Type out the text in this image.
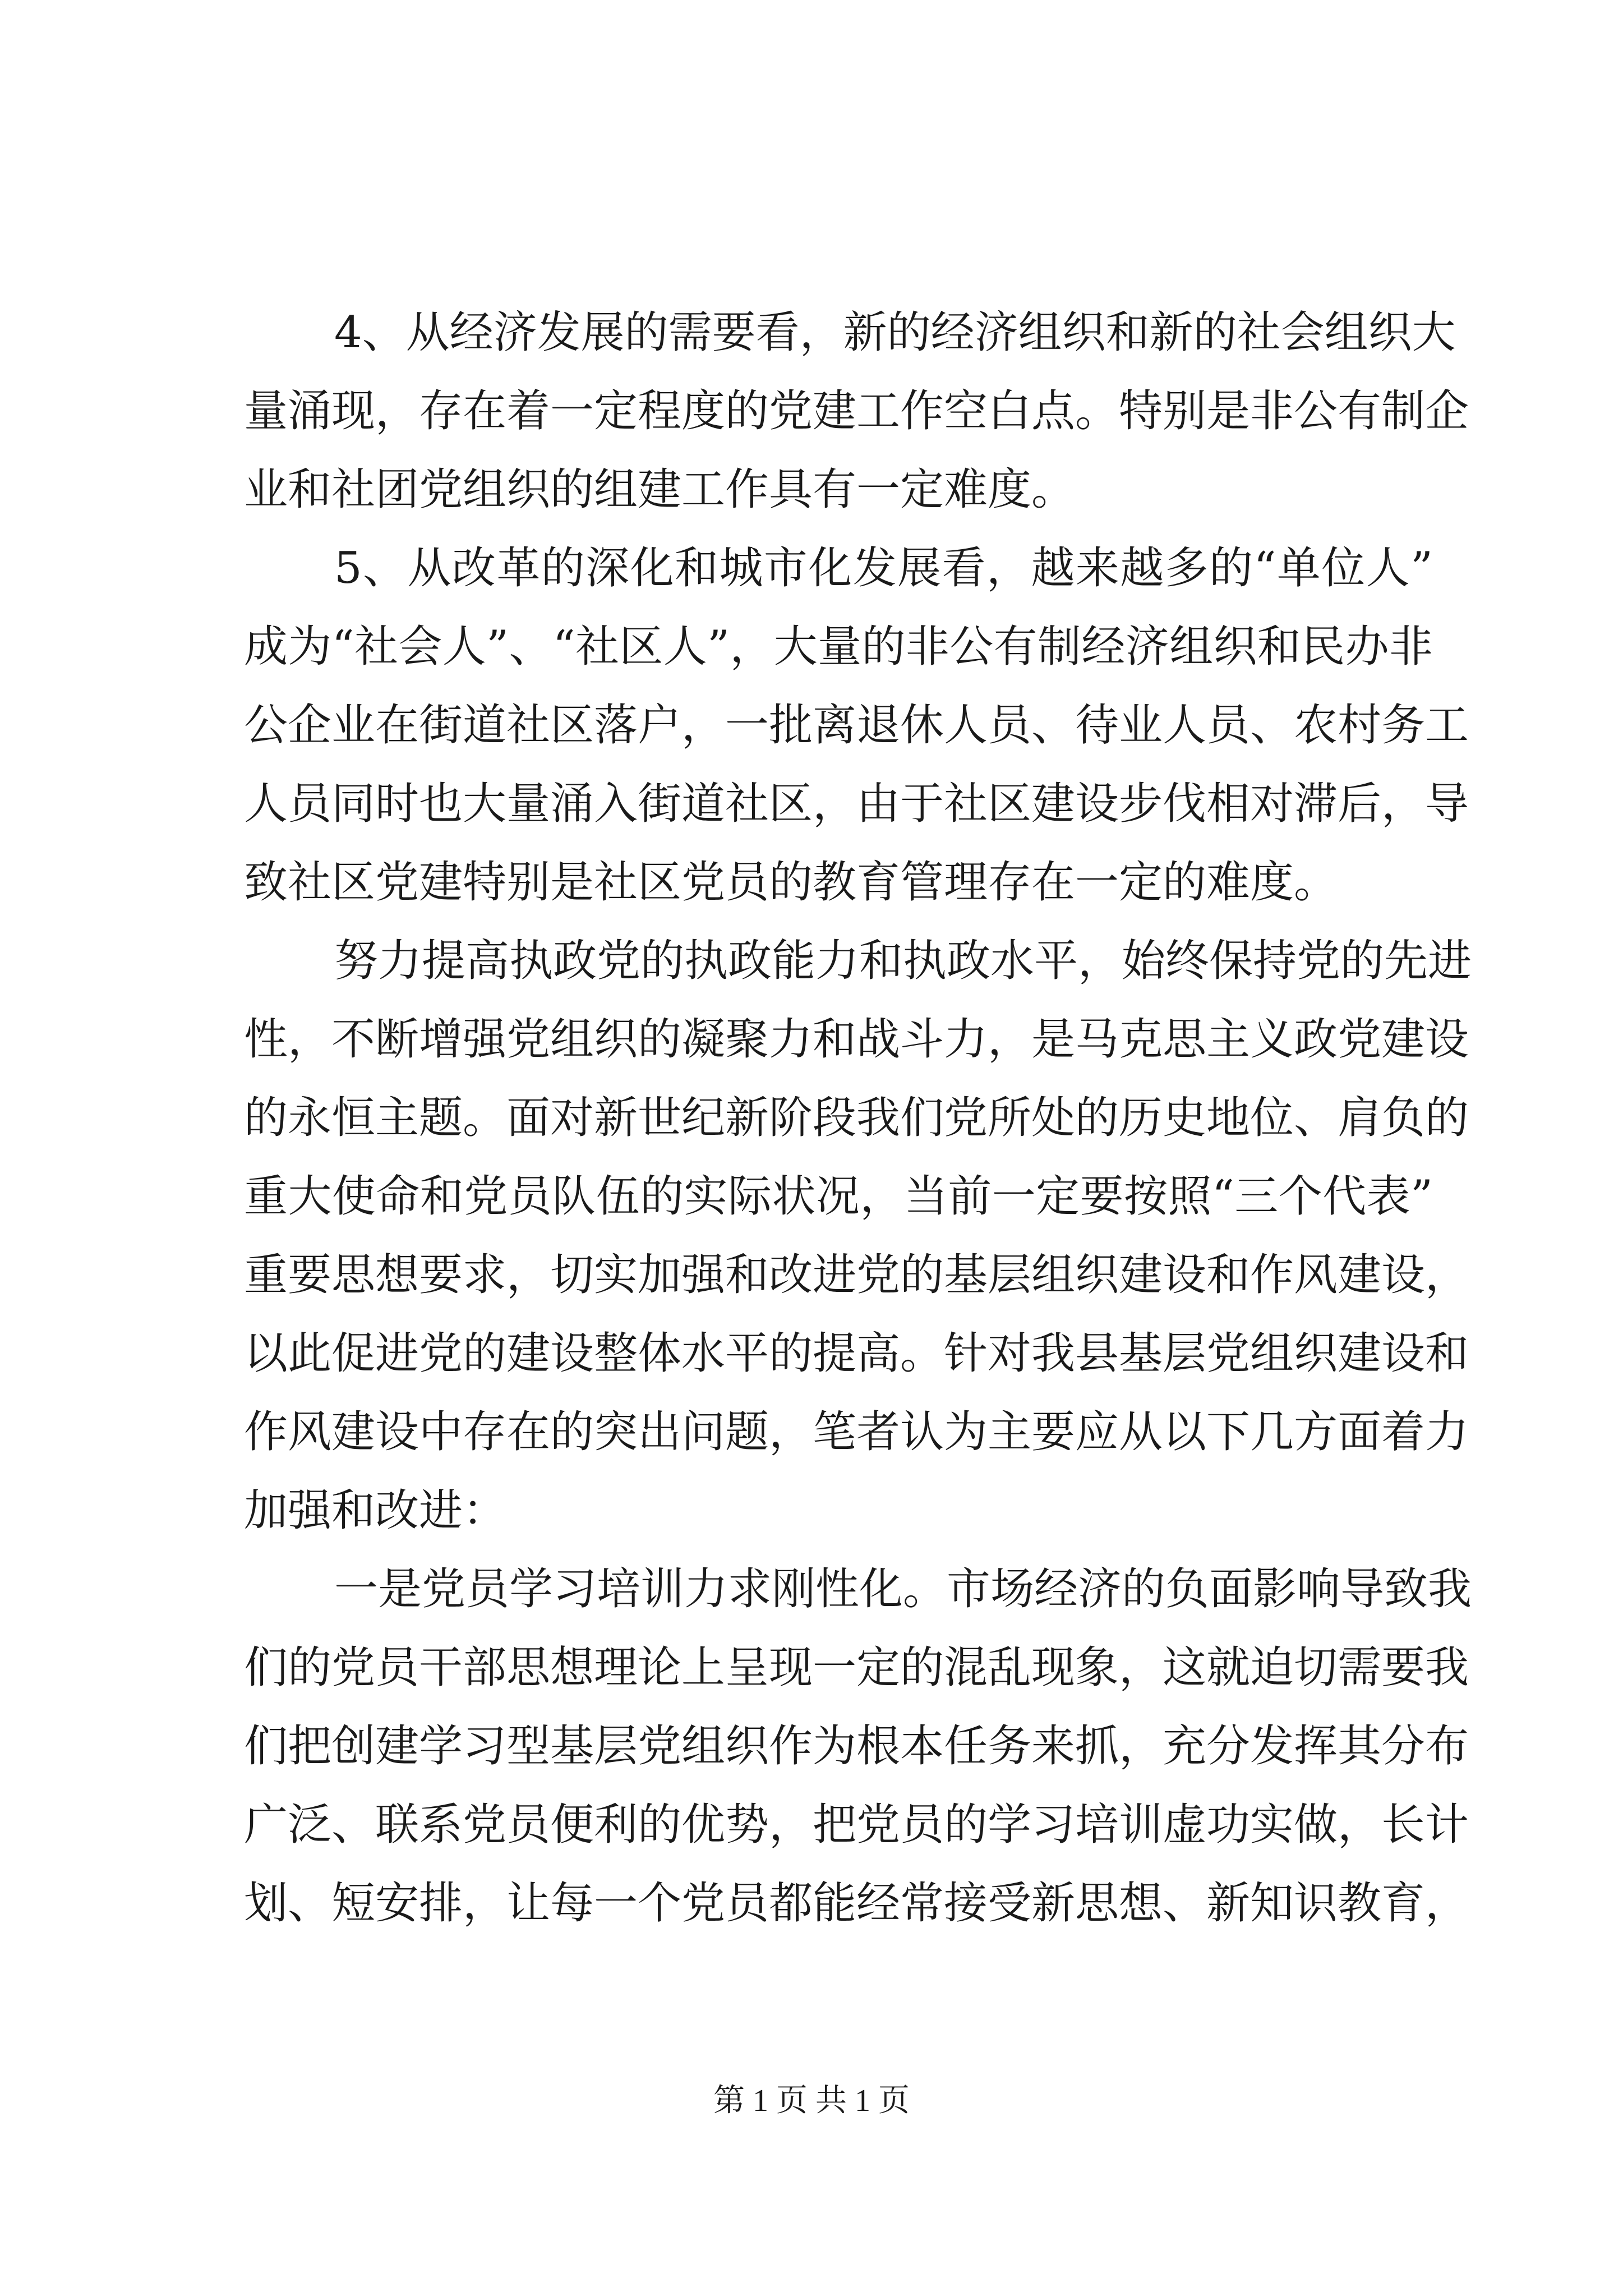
4、从经济发展的需要看，新的经济组织和新的社会组织大
量涌现，存在着一定程度的党建工作空白点。特别是非公有制企
业和社团党组织的组建工作具有一定难度。
5、从改革的深化和城市化发展看，越来越多的“单位人”
成为“社会人”、“社区人”，大量的非公有制经济组织和民办非
公企业在街道社区落户，一批离退休人员、待业人员、农村务工
人员同时也大量涌入街道社区，由于社区建设步伐相对滞后，导
致社区党建特别是社区党员的教育管理存在一定的难度。
努力提高执政党的执政能力和执政水平，始终保持党的先进
性，不断增强党组织的凝聚力和战斗力，是马克思主义政党建设
的永恒主题。面对新世纪新阶段我们党所处的历史地位、肩负的
重大使命和党员队伍的实际状况，当前一定要按照“三个代表”
重要思想要求，切实加强和改进党的基层组织建设和作风建设，
以此促进党的建设整体水平的提高。针对我县基层党组织建设和
作风建设中存在的突出问题，笔者认为主要应从以下几方面着力
加强和改进：
一是党员学习培训力求刚性化。市场经济的负面影响导致我
们的党员干部思想理论上呈现一定的混乱现象，这就迫切需要我
们把创建学习型基层党组织作为根本任务来抓，充分发挥其分布
广泛、联系党员便利的优势，把党员的学习培训虚功实做，长计
划、短安排，让每一个党员都能经常接受新思想、新知识教育，
第 1 页 共 1 页
